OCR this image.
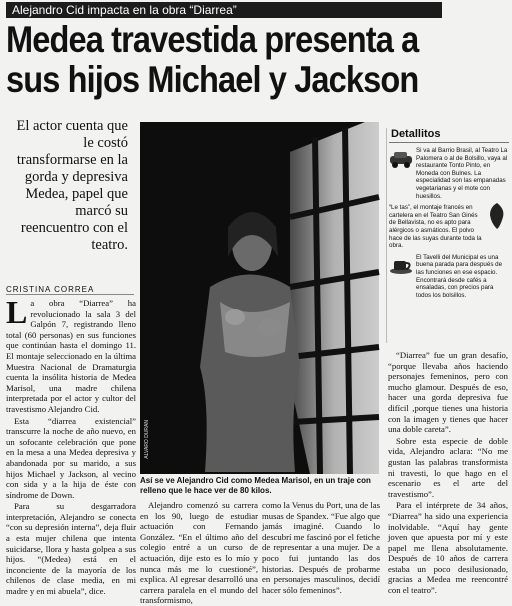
Alejandro Cid impacta en la obra “Diarrea”
Medea travestida presenta a
sus hijos Michael y Jackson
El actor cuenta que le costó transformarse en la gorda y depresiva Medea, papel que marcó su reencuentro con el teatro.
CRISTINA CORREA

La obra “Diarrea” ha revolucionado la sala 3 del Galpón 7, registrando lleno total (60 personas) en sus funciones que continúan hasta el domingo 11. El montaje seleccionado en la última Muestra Nacional de Dramaturgia cuenta la insólita historia de Medea Marisol, una madre chilena interpretada por el actor y cultor del travestismo Alejandro Cid.

Esta “diarrea existencial” transcurre la noche de año nuevo, en un sofocante celebración que pone en la mesa a una Medea depresiva y abandonada por su marido, a sus hijos Michael y Jackson, al vecino con sida y a la hija de éste con síndrome de Down.

Para su desgarradora interpretación, Alejandro se conecta “con su depresión interna”, deja fluir a esta mujer chilena que intenta suicidarse, llora y hasta golpea a sus hijos. “(Medea) está en el inconciente de la mayoría de los chilenos de clase media, en mi madre y en mi abuela”, dice.

ALVARO DURAN
Así se ve Alejandro Cid como Medea Marisol, en un traje con relleno que le hace ver de 80 kilos.

Alejandro comenzó su carrera en los 90, luego de estudiar actuación con Fernando González. “En el último año del colegio entré a un curso de actuación, dije esto es lo mío y nunca más me lo cuestioné”, explica. Al egresar desarrolló una carrera paralela en el mundo del transformismo,

como la Venus du Port, una de las musas de Spandex. “Fue algo que jamás imaginé. Cuando lo descubrí me fascinó por el fetiche de representar a una mujer. De a poco fui juntando las dos historias. Después de probarme en personajes masculinos, decidí hacer sólo femeninos”.

Detallitos
Si va al Barrio Brasil, al Teatro La Palomera o al de Bolsillo, vaya al restaurante Tonto Pinto, en Moneda con Bulnes. La especialidad son las empanadas vegetarianas y el mote con huesillos.
“Le tas”, el montaje francés en cartelera en el Teatro San Ginés de Bellavista, no es apto para alérgicos o asmáticos. El polvo hace de las suyas durante toda la obra.
El Tavelli del Municipal es una buena parada para después de las funciones en ese espacio. Encontrará desde cafés a ensaladas, con precios para todos los bolsillos.

“Diarrea” fue un gran desafío, “porque llevaba años haciendo personajes femeninos, pero con mucho glamour. Después de eso, hacer una gorda depresiva fue difícil ,porque tienes una historia con la imagen y tienes que hacer una doble careta”.

Sobre esta especie de doble vida, Alejandro aclara: “No me gustan las palabras transformista ni travesti, lo que hago en el escenario es el arte del travestismo”.

Para el intérprete de 34 años, “Diarrea” ha sido una experiencia inolvidable. “Aquí hay gente joven que apuesta por mí y este papel me llena absolutamente. Después de 10 años de carrera estaba un poco desilusionado, gracias a Medea me reencontré con el teatro”.
